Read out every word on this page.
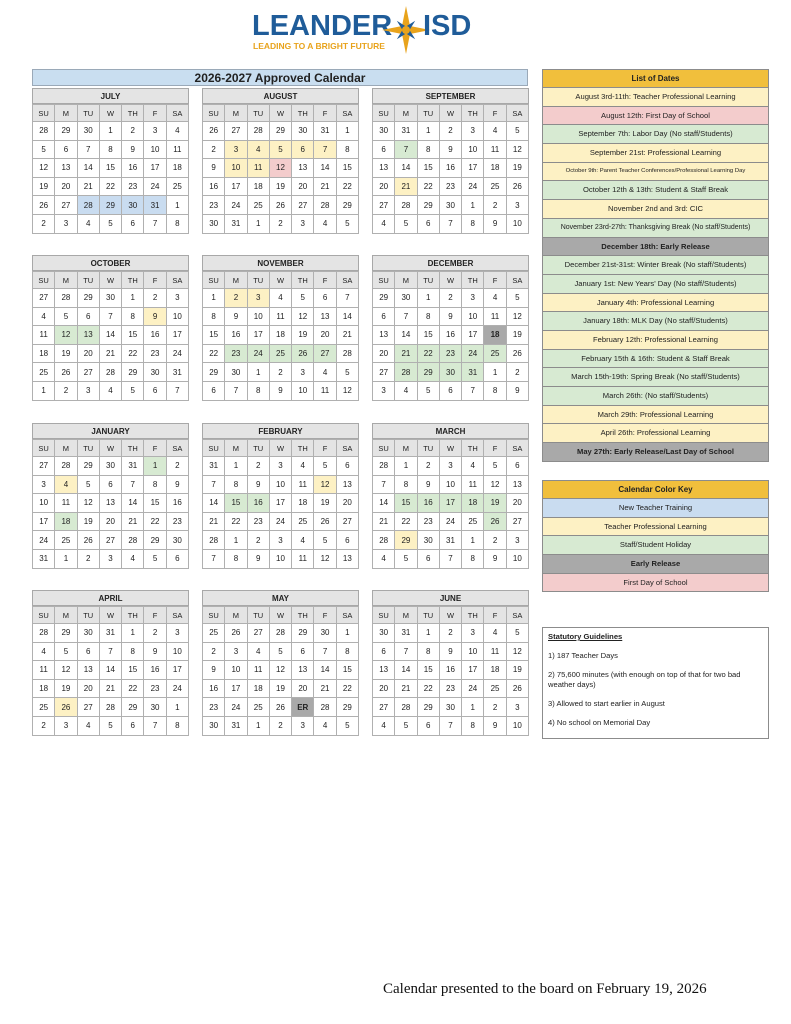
LEANDER ISD
LEADING TO A BRIGHT FUTURE
2026-2027 Approved Calendar
JULY
SU	M	TU	W	TH	F	SA
28	29	30	1	2	3	4
5	6	7	8	9	10	11
12	13	14	15	16	17	18
19	20	21	22	23	24	25
26	27	28	29	30	31	1
2	3	4	5	6	7	8
AUGUST
SU	M	TU	W	TH	F	SA
26	27	28	29	30	31	1
2	3	4	5	6	7	8
9	10	11	12	13	14	15
16	17	18	19	20	21	22
23	24	25	26	27	28	29
30	31	1	2	3	4	5
SEPTEMBER
SU	M	TU	W	TH	F	SA
30	31	1	2	3	4	5
6	7	8	9	10	11	12
13	14	15	16	17	18	19
20	21	22	23	24	25	26
27	28	29	30	1	2	3
4	5	6	7	8	9	10
OCTOBER
SU	M	TU	W	TH	F	SA
27	28	29	30	1	2	3
4	5	6	7	8	9	10
11	12	13	14	15	16	17
18	19	20	21	22	23	24
25	26	27	28	29	30	31
1	2	3	4	5	6	7
NOVEMBER
SU	M	TU	W	TH	F	SA
1	2	3	4	5	6	7
8	9	10	11	12	13	14
15	16	17	18	19	20	21
22	23	24	25	26	27	28
29	30	1	2	3	4	5
6	7	8	9	10	11	12
DECEMBER
SU	M	TU	W	TH	F	SA
29	30	1	2	3	4	5
6	7	8	9	10	11	12
13	14	15	16	17	18	19
20	21	22	23	24	25	26
27	28	29	30	31	1	2
3	4	5	6	7	8	9
JANUARY
SU	M	TU	W	TH	F	SA
27	28	29	30	31	1	2
3	4	5	6	7	8	9
10	11	12	13	14	15	16
17	18	19	20	21	22	23
24	25	26	27	28	29	30
31	1	2	3	4	5	6
FEBRUARY
SU	M	TU	W	TH	F	SA
31	1	2	3	4	5	6
7	8	9	10	11	12	13
14	15	16	17	18	19	20
21	22	23	24	25	26	27
28	1	2	3	4	5	6
7	8	9	10	11	12	13
MARCH
SU	M	TU	W	TH	F	SA
28	1	2	3	4	5	6
7	8	9	10	11	12	13
14	15	16	17	18	19	20
21	22	23	24	25	26	27
28	29	30	31	1	2	3
4	5	6	7	8	9	10
APRIL
SU	M	TU	W	TH	F	SA
28	29	30	31	1	2	3
4	5	6	7	8	9	10
11	12	13	14	15	16	17
18	19	20	21	22	23	24
25	26	27	28	29	30	1
2	3	4	5	6	7	8
MAY
SU	M	TU	W	TH	F	SA
25	26	27	28	29	30	1
2	3	4	5	6	7	8
9	10	11	12	13	14	15
16	17	18	19	20	21	22
23	24	25	26	ER	28	29
30	31	1	2	3	4	5
JUNE
SU	M	TU	W	TH	F	SA
30	31	1	2	3	4	5
6	7	8	9	10	11	12
13	14	15	16	17	18	19
20	21	22	23	24	25	26
27	28	29	30	1	2	3
4	5	6	7	8	9	10
List of Dates
August 3rd-11th: Teacher Professional Learning
August 12th: First Day of School
September 7th: Labor Day (No staff/Students)
September 21st: Professional Learning
October 9th: Parent Teacher Conferences/Professional Learning Day
October 12th & 13th: Student & Staff Break
November 2nd and 3rd: CIC
November 23rd-27th: Thanksgiving Break (No staff/Students)
December 18th: Early Release
December 21st-31st: Winter Break (No staff/Students)
January 1st: New Years' Day (No staff/Students)
January 4th: Professional Learning
January 18th: MLK Day (No staff/Students)
February 12th: Professional Learning
February 15th & 16th: Student & Staff Break
March 15th-19th: Spring Break (No staff/Students)
March 26th: (No staff/Students)
March 29th: Professional Learning
April 26th: Professional Learning
May 27th: Early Release/Last Day of School
Calendar Color Key
New Teacher Training
Teacher Professional Learning
Staff/Student Holiday
Early Release
First Day of School
Statutory Guidelines
1) 187 Teacher Days
2) 75,600 minutes (with enough on top of that for two bad weather days)
3) Allowed to start earlier in August
4) No school on Memorial Day
Calendar presented to the board on February 19, 2026
